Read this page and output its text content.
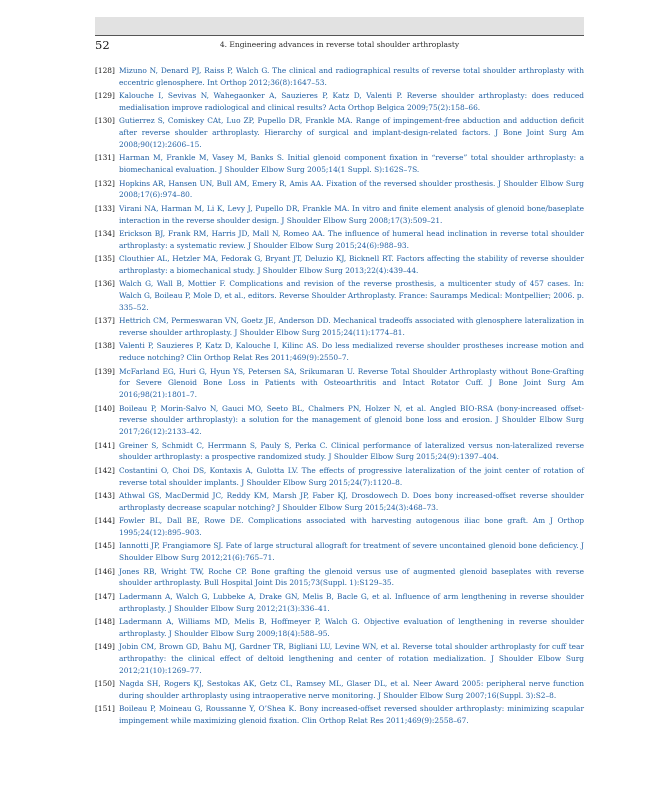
52	4. Engineering advances in reverse total shoulder arthroplasty
[128] Mizuno N, Denard PJ, Raiss P, Walch G. The clinical and radiographical results of reverse total shoulder arthroplasty with eccentric glenosphere. Int Orthop 2012;36(8):1647–53.
[129] Kalouche I, Sevivas N, Wahegaonker A, Sauzieres P, Katz D, Valenti P. Reverse shoulder arthroplasty: does reduced medialisation improve radiological and clinical results? Acta Orthop Belgica 2009;75(2):158–66.
[130] Gutierrez S, Comiskey CAt, Luo ZP, Pupello DR, Frankle MA. Range of impingement-free abduction and adduction deficit after reverse shoulder arthroplasty. Hierarchy of surgical and implant-design-related factors. J Bone Joint Surg Am 2008;90(12):2606–15.
[131] Harman M, Frankle M, Vasey M, Banks S. Initial glenoid component fixation in “reverse” total shoulder arthroplasty: a biomechanical evaluation. J Shoulder Elbow Surg 2005;14(1 Suppl. S):162S–7S.
[132] Hopkins AR, Hansen UN, Bull AM, Emery R, Amis AA. Fixation of the reversed shoulder prosthesis. J Shoulder Elbow Surg 2008;17(6):974–80.
[133] Virani NA, Harman M, Li K, Levy J, Pupello DR, Frankle MA. In vitro and finite element analysis of glenoid bone/baseplate interaction in the reverse shoulder design. J Shoulder Elbow Surg 2008;17(3):509–21.
[134] Erickson BJ, Frank RM, Harris JD, Mall N, Romeo AA. The influence of humeral head inclination in reverse total shoulder arthroplasty: a systematic review. J Shoulder Elbow Surg 2015;24(6):988–93.
[135] Clouthier AL, Hetzler MA, Fedorak G, Bryant JT, Deluzio KJ, Bicknell RT. Factors affecting the stability of reverse shoulder arthroplasty: a biomechanical study. J Shoulder Elbow Surg 2013;22(4):439–44.
[136] Walch G, Wall B, Mottier F. Complications and revision of the reverse prosthesis, a multicenter study of 457 cases. In: Walch G, Boileau P, Mole D, et al., editors. Reverse Shoulder Arthroplasty. France: Sauramps Medical: Montpellier; 2006. p. 335–52.
[137] Hettrich CM, Permeswaran VN, Goetz JE, Anderson DD. Mechanical tradeoffs associated with glenosphere lateralization in reverse shoulder arthroplasty. J Shoulder Elbow Surg 2015;24(11):1774–81.
[138] Valenti P, Sauzieres P, Katz D, Kalouche I, Kilinc AS. Do less medialized reverse shoulder prostheses increase motion and reduce notching? Clin Orthop Relat Res 2011;469(9):2550–7.
[139] McFarland EG, Huri G, Hyun YS, Petersen SA, Srikumaran U. Reverse Total Shoulder Arthroplasty without Bone-Grafting for Severe Glenoid Bone Loss in Patients with Osteoarthritis and Intact Rotator Cuff. J Bone Joint Surg Am 2016;98(21):1801–7.
[140] Boileau P, Morin-Salvo N, Gauci MO, Seeto BL, Chalmers PN, Holzer N, et al. Angled BIO-RSA (bony-increased offset-reverse shoulder arthroplasty): a solution for the management of glenoid bone loss and erosion. J Shoulder Elbow Surg 2017;26(12):2133–42.
[141] Greiner S, Schmidt C, Herrmann S, Pauly S, Perka C. Clinical performance of lateralized versus non-lateralized reverse shoulder arthroplasty: a prospective randomized study. J Shoulder Elbow Surg 2015;24(9):1397–404.
[142] Costantini O, Choi DS, Kontaxis A, Gulotta LV. The effects of progressive lateralization of the joint center of rotation of reverse total shoulder implants. J Shoulder Elbow Surg 2015;24(7):1120–8.
[143] Athwal GS, MacDermid JC, Reddy KM, Marsh JP, Faber KJ, Drosdowech D. Does bony increased-offset reverse shoulder arthroplasty decrease scapular notching? J Shoulder Elbow Surg 2015;24(3):468–73.
[144] Fowler BL, Dall BE, Rowe DE. Complications associated with harvesting autogenous iliac bone graft. Am J Orthop 1995;24(12):895–903.
[145] Iannotti JP, Frangiamore SJ. Fate of large structural allograft for treatment of severe uncontained glenoid bone deficiency. J Shoulder Elbow Surg 2012;21(6):765–71.
[146] Jones RB, Wright TW, Roche CP. Bone grafting the glenoid versus use of augmented glenoid baseplates with reverse shoulder arthroplasty. Bull Hospital Joint Dis 2015;73(Suppl. 1):S129–35.
[147] Ladermann A, Walch G, Lubbeke A, Drake GN, Melis B, Bacle G, et al. Influence of arm lengthening in reverse shoulder arthroplasty. J Shoulder Elbow Surg 2012;21(3):336–41.
[148] Ladermann A, Williams MD, Melis B, Hoffmeyer P, Walch G. Objective evaluation of lengthening in reverse shoulder arthroplasty. J Shoulder Elbow Surg 2009;18(4):588–95.
[149] Jobin CM, Brown GD, Bahu MJ, Gardner TR, Bigliani LU, Levine WN, et al. Reverse total shoulder arthroplasty for cuff tear arthropathy: the clinical effect of deltoid lengthening and center of rotation medialization. J Shoulder Elbow Surg 2012;21(10):1269–77.
[150] Nagda SH, Rogers KJ, Sestokas AK, Getz CL, Ramsey ML, Glaser DL, et al. Neer Award 2005: peripheral nerve function during shoulder arthroplasty using intraoperative nerve monitoring. J Shoulder Elbow Surg 2007;16(Suppl. 3):S2–8.
[151] Boileau P, Moineau G, Roussanne Y, O’Shea K. Bony increased-offset reversed shoulder arthroplasty: minimizing scapular impingement while maximizing glenoid fixation. Clin Orthop Relat Res 2011;469(9):2558–67.
